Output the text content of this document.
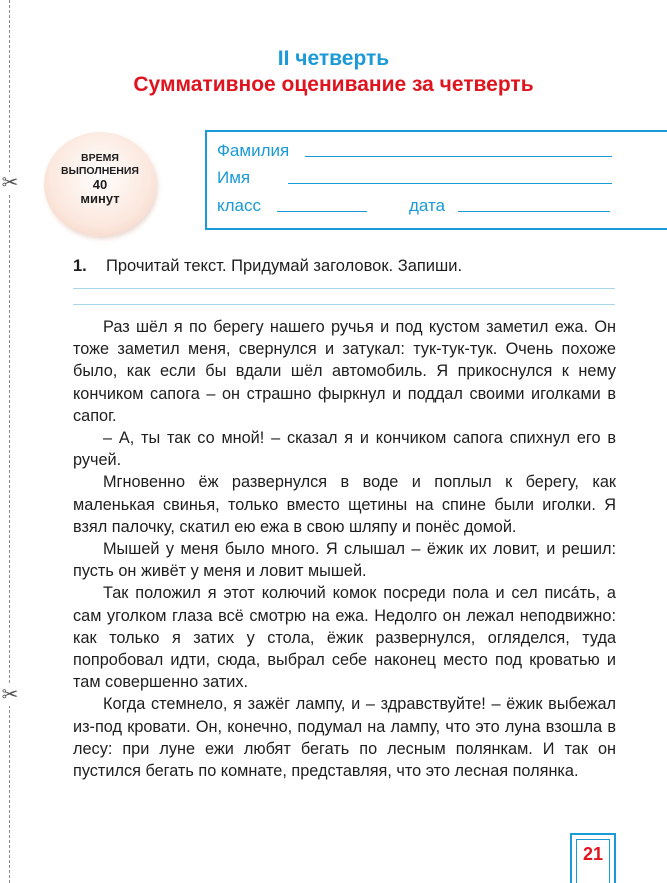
✂
✂
II четверть
Суммативное оценивание за четверть
ВРЕМЯ
ВЫПОЛНЕНИЯ
40
минут
Фамилия
Имя
класс	дата
1. Прочитай текст. Придумай заголовок. Запиши.

Раз шёл я по берегу нашего ручья и под кустом заметил ежа. Он тоже заметил меня, свернулся и затукал: тук-тук-тук. Очень похоже было, как если бы вдали шёл автомобиль. Я прикоснулся к нему кончиком сапога – он страшно фыркнул и поддал своими иголками в сапог.

– А, ты так со мной! – сказал я и кончиком сапога спихнул его в ручей.

Мгновенно ёж развернулся в воде и поплыл к берегу, как маленькая свинья, только вместо щетины на спине были иголки. Я взял палочку, скатил ею ежа в свою шляпу и понёс домой.

Мышей у меня было много. Я слышал – ёжик их ловит, и решил: пусть он живёт у меня и ловит мышей.

Так положил я этот колючий комок посреди пола и сел писáть, а сам уголком глаза всё смотрю на ежа. Недолго он лежал неподвижно: как только я затих у стола, ёжик развернулся, огляделся, туда попробовал идти, сюда, выбрал себе наконец место под кроватью и там совершенно затих.

Когда стемнело, я зажёг лампу, и – здравствуйте! – ёжик выбежал из-под кровати. Он, конечно, подумал на лампу, что это луна взошла в лесу: при луне ежи любят бегать по лесным полянкам. И так он пустился бегать по комнате, представляя, что это лесная полянка.

21
